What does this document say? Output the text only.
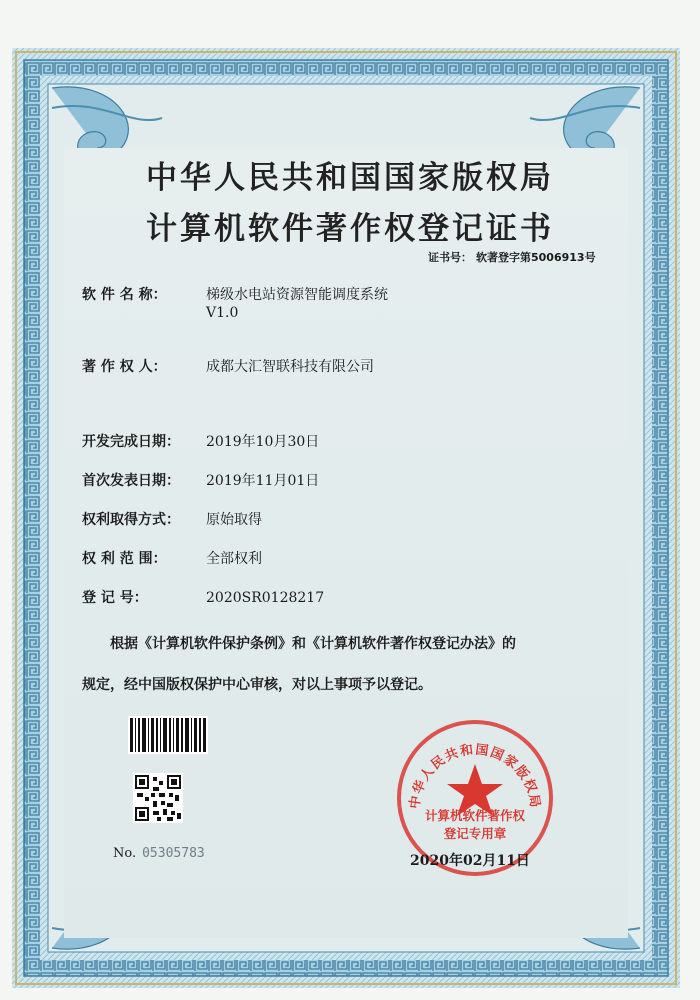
中华人民共和国国家版权局
计算机软件著作权登记证书
证书号： 软著登字第5006913号
软 件 名 称：	梯级水电站资源智能调度系统
V1.0
著 作 权 人：	成都大汇智联科技有限公司
开发完成日期： 2019年10月30日
首次发表日期： 2019年11月01日
权利取得方式： 原始取得
权 利 范 围：	全部权利
登 记 号：	2020SR0128217
根据《计算机软件保护条例》和《计算机软件著作权登记办法》的
规定，经中国版权保护中心审核，对以上事项予以登记。
No. 05305783
中华人民共和国国家版权局
计算机软件著作权
登记专用章
2020年02月11日
